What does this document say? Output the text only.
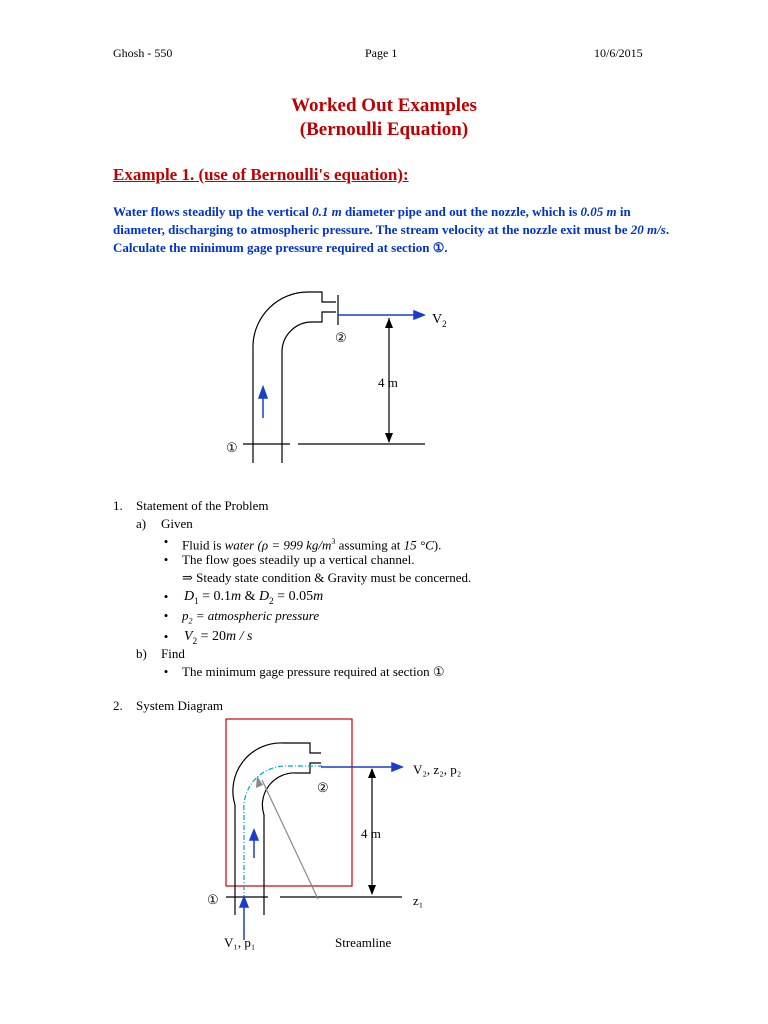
Ghosh - 550	Page 1	10/6/2015
Worked Out Examples
(Bernoulli Equation)
Example 1. (use of Bernoulli's equation):
Water flows steadily up the vertical 0.1 m diameter pipe and out the nozzle, which is 0.05 m in diameter, discharging to atmospheric pressure. The stream velocity at the nozzle exit must be 20 m/s. Calculate the minimum gage pressure required at section ①.
$V_2$
4 m
①
②
1. Statement of the Problem
a) Given
• Fluid is water (ρ = 999 $kg/m^3$ assuming at 15 °C).
• The flow goes steadily up a vertical channel.
⇒ Steady state condition & Gravity must be concerned.
• $D_1 = 0.1m$ & $D_2 = 0.05m$
• $p_2$ = atmospheric pressure
• $V_2 = 20m / s$
b) Find
• The minimum gage pressure required at section ①
2. System Diagram
V₂, z₂, p₂
z₁
4 m
V₁, p₁	Streamline
①
②
